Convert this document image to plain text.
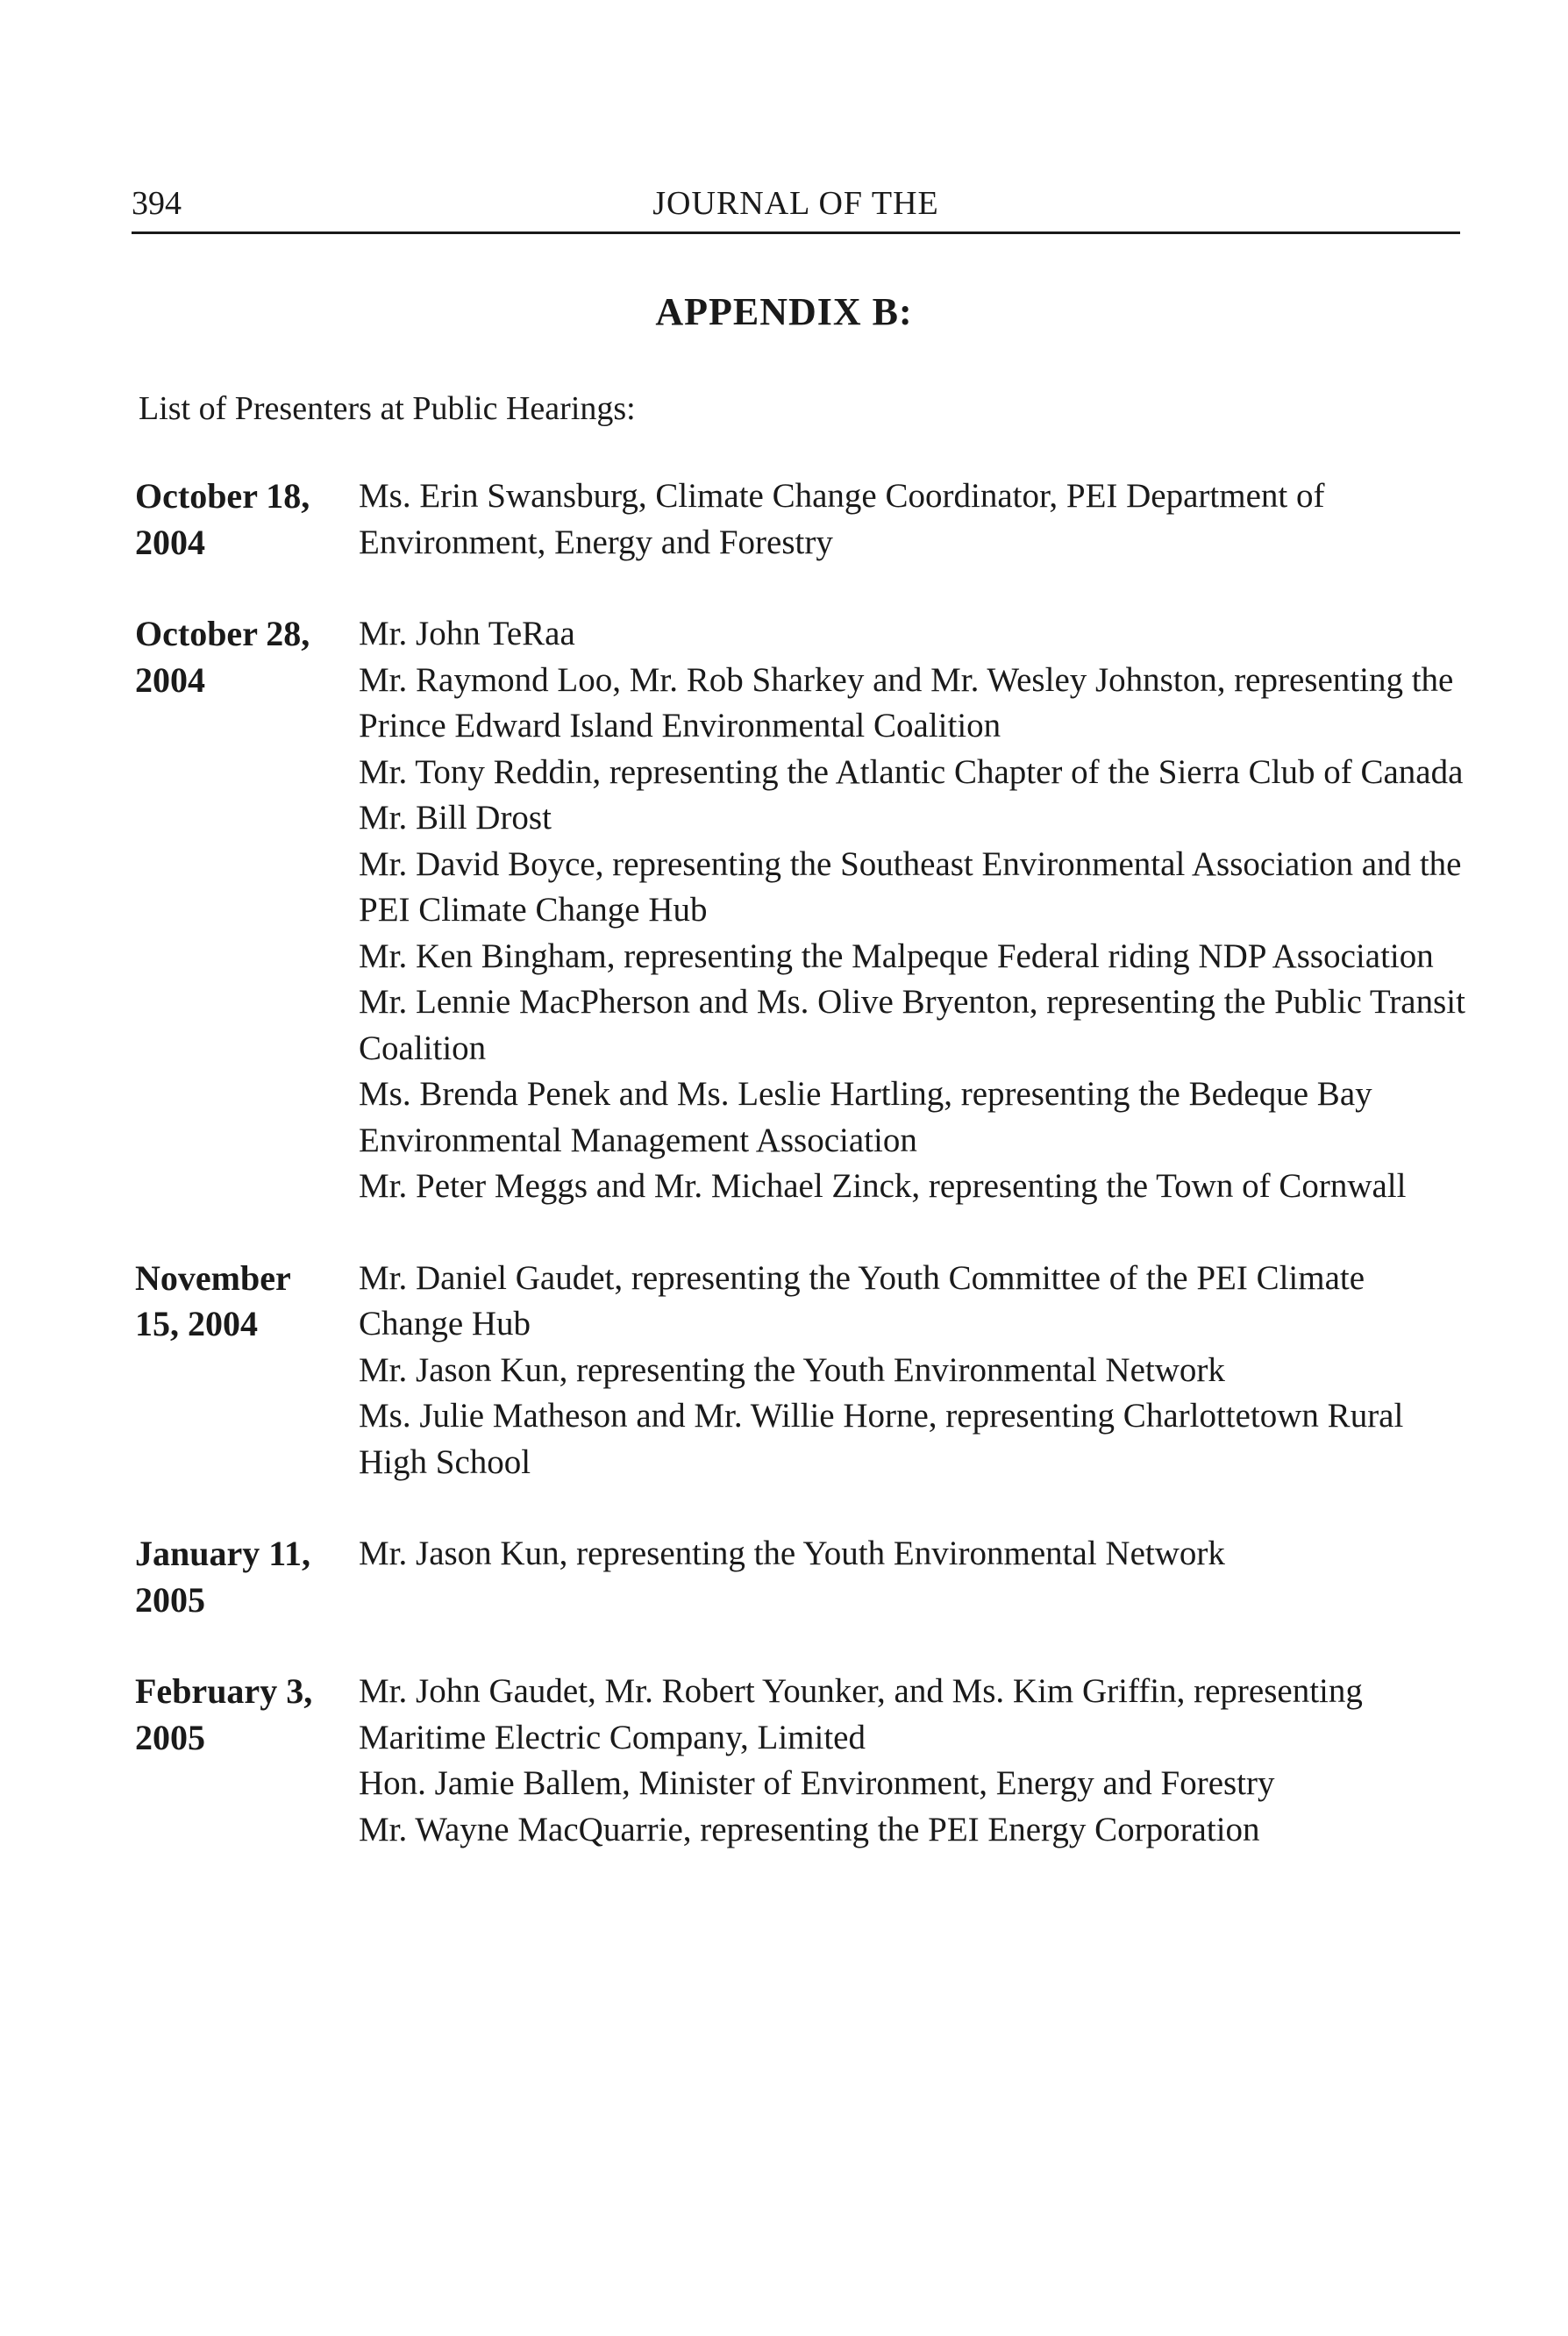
394	JOURNAL OF THE
APPENDIX B:
List of Presenters at Public Hearings:
October 18,
2004

Ms. Erin Swansburg, Climate Change Coordinator, PEI Department of Environment, Energy and Forestry

October 28,
2004

Mr. John TeRaa

Mr. Raymond Loo, Mr. Rob Sharkey and Mr. Wesley Johnston, representing the Prince Edward Island Environmental Coalition

Mr. Tony Reddin, representing the Atlantic Chapter of the Sierra Club of Canada

Mr. Bill Drost

Mr. David Boyce, representing the Southeast Environmental Association and the PEI Climate Change Hub

Mr. Ken Bingham, representing the Malpeque Federal riding NDP Association

Mr. Lennie MacPherson and Ms. Olive Bryenton, representing the Public Transit Coalition

Ms. Brenda Penek and Ms. Leslie Hartling, representing the Bedeque Bay Environmental Management Association

Mr. Peter Meggs and Mr. Michael Zinck, representing the Town of Cornwall

November
15, 2004

Mr. Daniel Gaudet, representing the Youth Committee of the PEI Climate Change Hub

Mr. Jason Kun, representing the Youth Environmental Network

Ms. Julie Matheson and Mr. Willie Horne, representing Charlottetown Rural High School

January 11,
2005

Mr. Jason Kun, representing the Youth Environmental Network

February 3,
2005

Mr. John Gaudet, Mr. Robert Younker, and Ms. Kim Griffin, representing Maritime Electric Company, Limited

Hon. Jamie Ballem, Minister of Environment, Energy and Forestry

Mr. Wayne MacQuarrie, representing the PEI Energy Corporation
